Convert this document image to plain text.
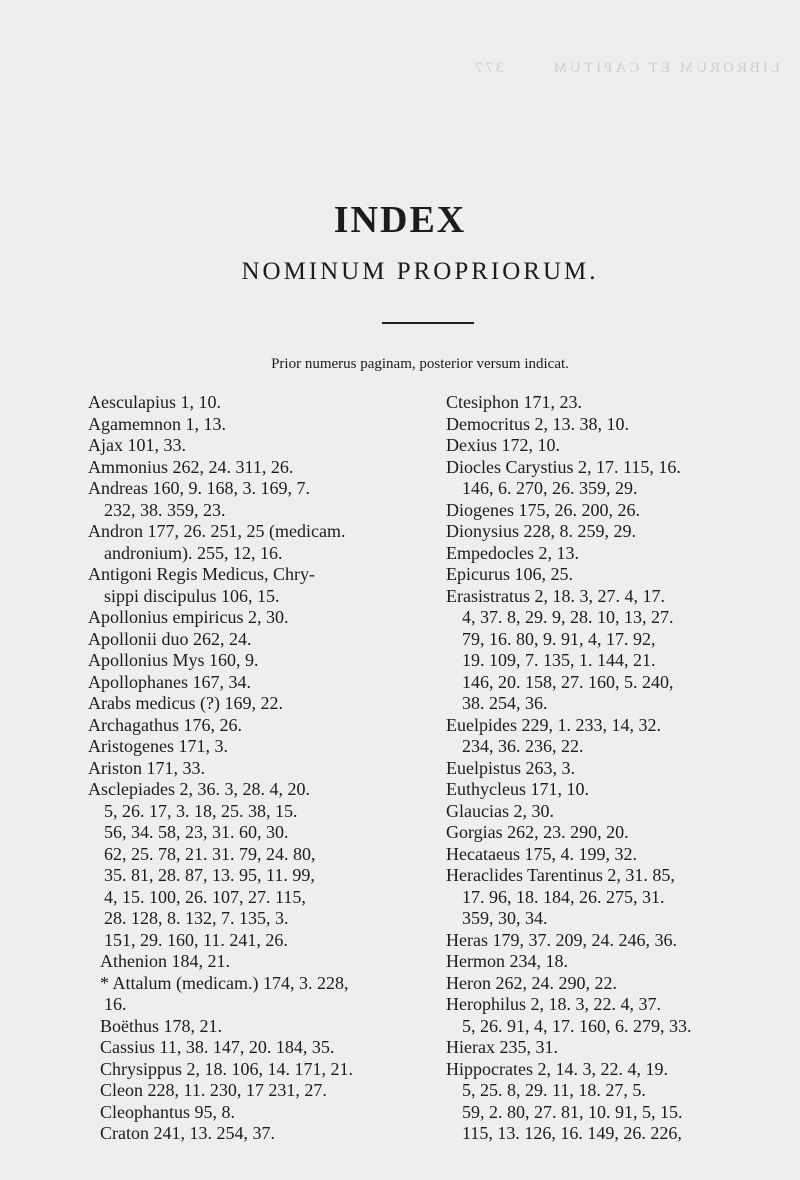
LIBRORUM ET CAPITUM       377
INDEX
NOMINUM PROPRIORUM.
Prior numerus paginam, posterior versum indicat.
Aesculapius 1, 10.
Agamemnon 1, 13.
Ajax 101, 33.
Ammonius 262, 24. 311, 26.
Andreas 160, 9. 168, 3. 169, 7.
232, 38. 359, 23.
Andron 177, 26. 251, 25 (medicam.
andronium). 255, 12, 16.
Antigoni Regis Medicus, Chry-
sippi discipulus 106, 15.
Apollonius empiricus 2, 30.
Apollonii duo 262, 24.
Apollonius Mys 160, 9.
Apollophanes 167, 34.
Arabs medicus (?) 169, 22.
Archagathus 176, 26.
Aristogenes 171, 3.
Ariston 171, 33.
Asclepiades 2, 36. 3, 28. 4, 20.
5, 26. 17, 3. 18, 25. 38, 15.
56, 34. 58, 23, 31. 60, 30.
62, 25. 78, 21. 31. 79, 24. 80,
35. 81, 28. 87, 13. 95, 11. 99,
4, 15. 100, 26. 107, 27. 115,
28. 128, 8. 132, 7. 135, 3.
151, 29. 160, 11. 241, 26.
Athenion 184, 21.
* Attalum (medicam.) 174, 3. 228,
16.
Boëthus 178, 21.
Cassius 11, 38. 147, 20. 184, 35.
Chrysippus 2, 18. 106, 14. 171, 21.
Cleon 228, 11. 230, 17 231, 27.
Cleophantus 95, 8.
Craton 241, 13. 254, 37.
Ctesiphon 171, 23.
Democritus 2, 13. 38, 10.
Dexius 172, 10.
Diocles Carystius 2, 17. 115, 16.
146, 6. 270, 26. 359, 29.
Diogenes 175, 26. 200, 26.
Dionysius 228, 8. 259, 29.
Empedocles 2, 13.
Epicurus 106, 25.
Erasistratus 2, 18. 3, 27. 4, 17.
4, 37. 8, 29. 9, 28. 10, 13, 27.
79, 16. 80, 9. 91, 4, 17. 92,
19. 109, 7. 135, 1. 144, 21.
146, 20. 158, 27. 160, 5. 240,
38. 254, 36.
Euelpides 229, 1. 233, 14, 32.
234, 36. 236, 22.
Euelpistus 263, 3.
Euthycleus 171, 10.
Glaucias 2, 30.
Gorgias 262, 23. 290, 20.
Hecataeus 175, 4. 199, 32.
Heraclides Tarentinus 2, 31. 85,
17. 96, 18. 184, 26. 275, 31.
359, 30, 34.
Heras 179, 37. 209, 24. 246, 36.
Hermon 234, 18.
Heron 262, 24. 290, 22.
Herophilus 2, 18. 3, 22. 4, 37.
5, 26. 91, 4, 17. 160, 6. 279, 33.
Hierax 235, 31.
Hippocrates 2, 14. 3, 22. 4, 19.
5, 25. 8, 29. 11, 18. 27, 5.
59, 2. 80, 27. 81, 10. 91, 5, 15.
115, 13. 126, 16. 149, 26. 226,
